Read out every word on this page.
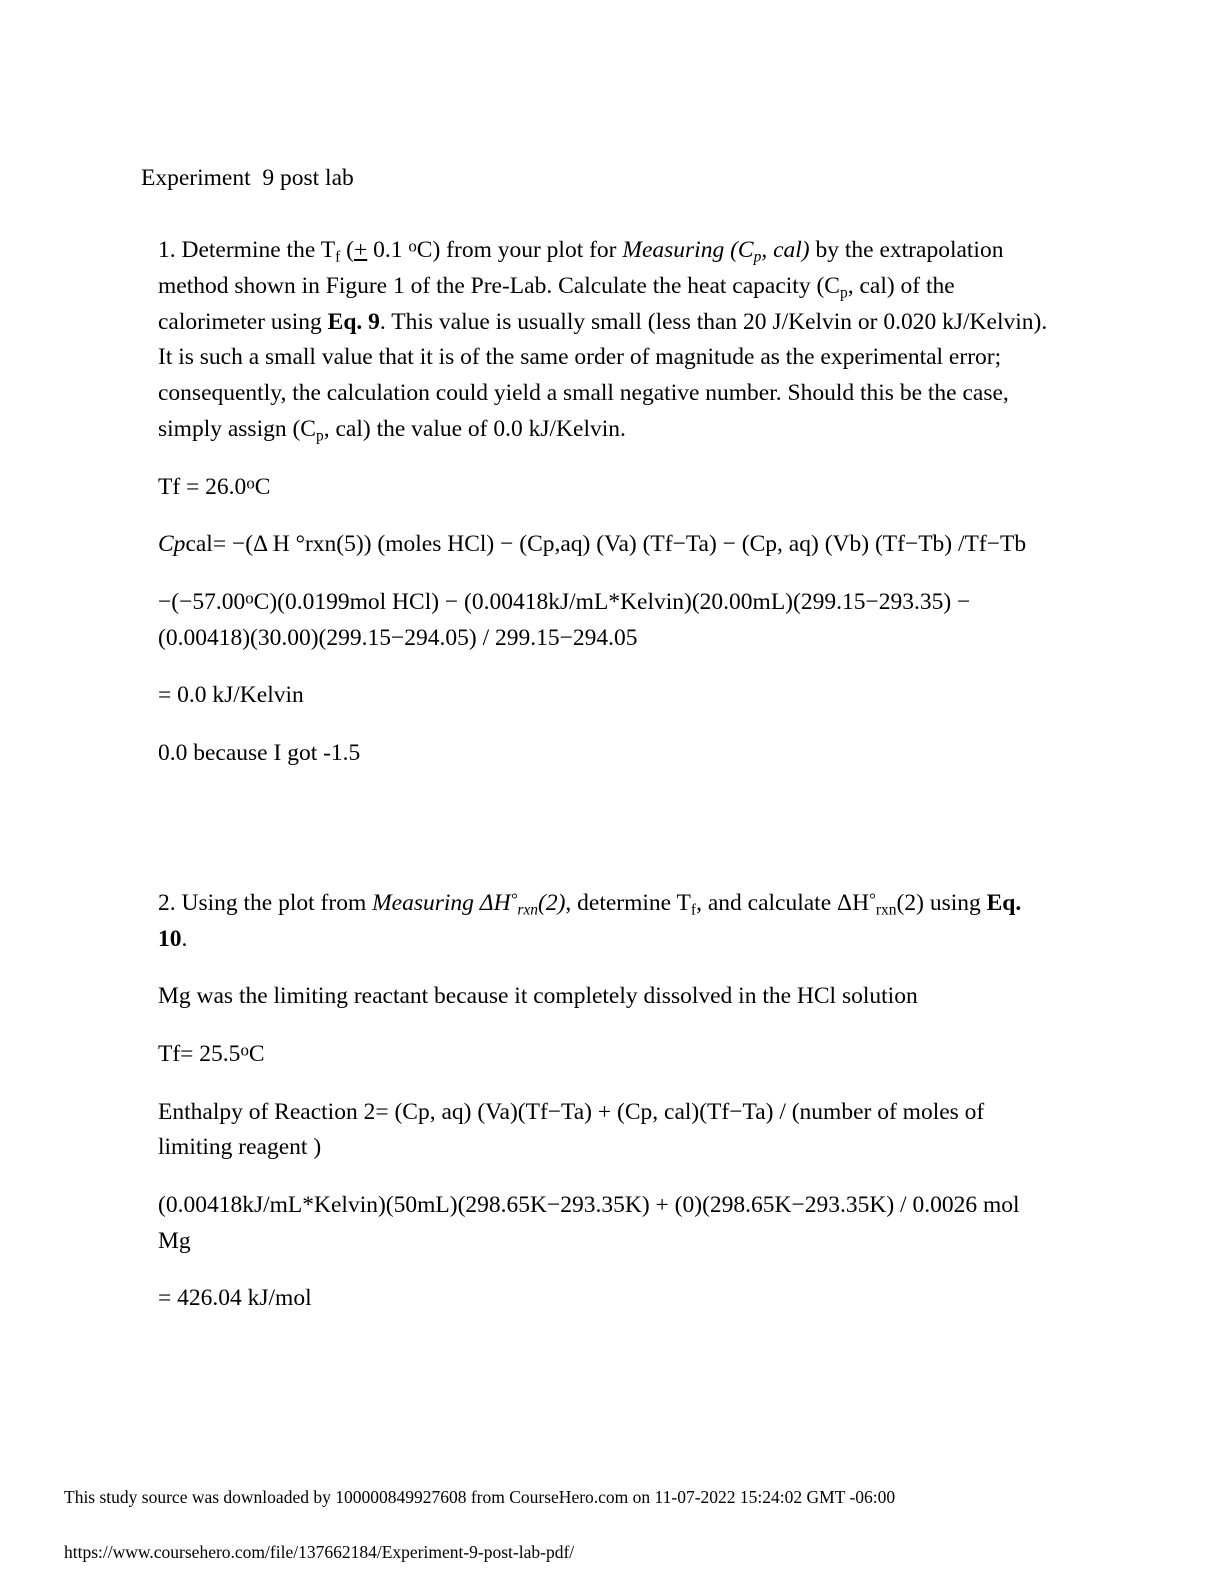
Experiment  9 post lab

1. Determine the $T_f$ (+ 0.1 $^o$C) from your plot for Measuring (Cp, cal) by the extrapolation method shown in Figure 1 of the Pre-Lab. Calculate the heat capacity ($C_p$, cal) of the calorimeter using Eq. 9. This value is usually small (less than 20 J/Kelvin or 0.020 kJ/Kelvin). It is such a small value that it is of the same order of magnitude as the experimental error; consequently, the calculation could yield a small negative number. Should this be the case, simply assign ($C_p$, cal) the value of 0.0 kJ/Kelvin.

$Tf = 26.0^oC$

Cpcal= −(Δ H °rxn(5)) (moles HCl) − (Cp,aq) (Va) (Tf−Ta) − (Cp, aq) (Vb) (Tf−Tb) /Tf−Tb

$-(-57.00^oC)(0.0199mol$ HCl) − (0.00418kJ/mL*Kelvin)(20.00mL)(299.15−293.35) − (0.00418)(30.00)(299.15−294.05) / 299.15−294.05

= 0.0 kJ/Kelvin

0.0 because I got -1.5

2. Using the plot from Measuring ΔH°rxn(2), determine $T_f$, and calculate $\Delta H^\circ_{rxn}(2)$ using Eq. 10.

Mg was the limiting reactant because it completely dissolved in the HCl solution

$Tf= 25.5^oC$

Enthalpy of Reaction 2= (Cp, aq) (Va)(Tf−Ta) + (Cp, cal)(Tf−Ta) / (number of moles of limiting reagent )

(0.00418kJ/mL*Kelvin)(50mL)(298.65K−293.35K) + (0)(298.65K−293.35K) / 0.0026 mol Mg

= 426.04 kJ/mol

This study source was downloaded by 100000849927608 from CourseHero.com on 11-07-2022 15:24:02 GMT -06:00
https://www.coursehero.com/file/137662184/Experiment-9-post-lab-pdf/
